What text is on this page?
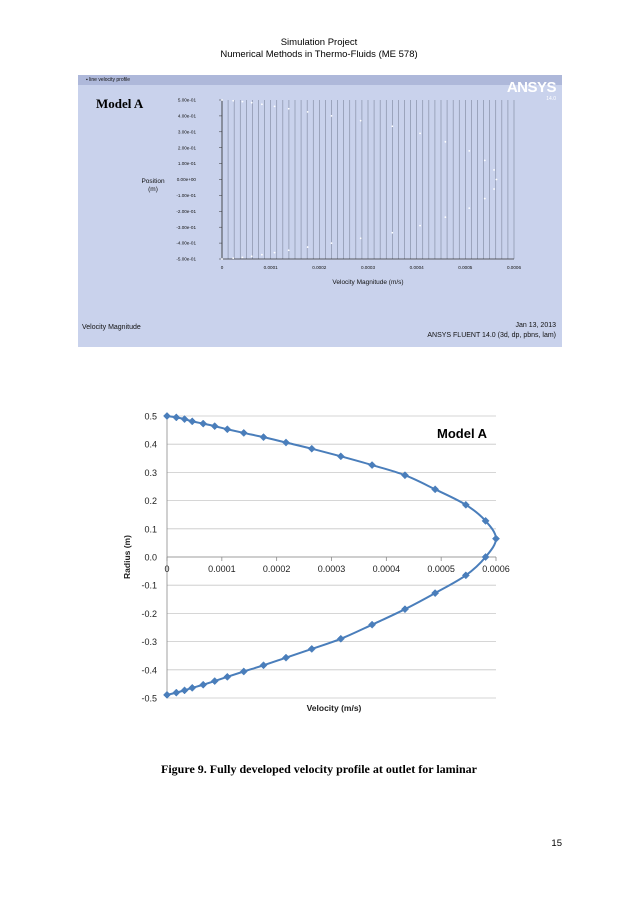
Simulation Project
Numerical Methods in Thermo-Fluids (ME 578)
▪ line velocity profile	ANSYS
14.0
Model A	5.00e-01
4.00e-01
3.00e-01
2.00e-01
1.00e-01
0.00e+00
-1.00e-01
-2.00e-01
-3.00e-01
-4.00e-01
-5.00e-01
0	0.0001	0.0002	0.0003	0.0004	0.0005	0.0006
Position
(m)
Velocity Magnitude (m/s)
Velocity Magnitude	Jan 13, 2013
ANSYS FLUENT 14.0 (3d, dp, pbns, lam)
0.5
0.4
0.3
0.2
0.1
0.0
-0.1
-0.2
-0.3
-0.4
-0.5
0	0.0001	0.0002	0.0003	0.0004	0.0005	0.0006
Radius (m)
Velocity (m/s)
Model A
Figure 9. Fully developed velocity profile at outlet for laminar
15
